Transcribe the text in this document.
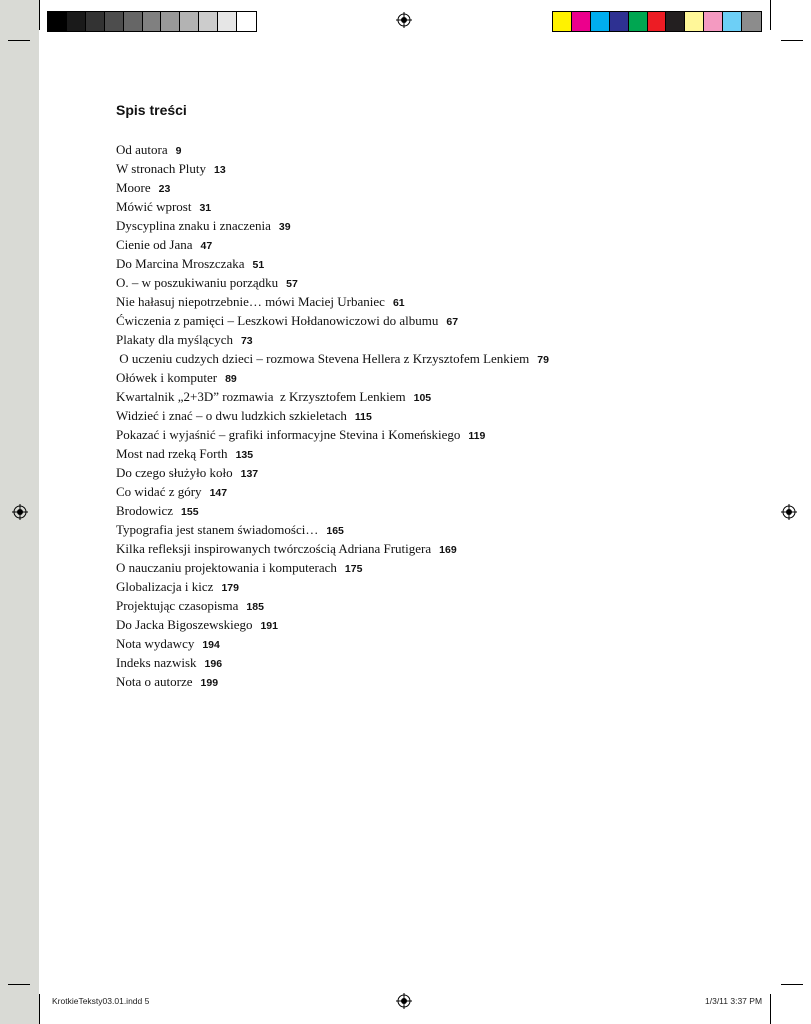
Spis treści
Od autora 9
W stronach Pluty 13
Moore 23
Mówić wprost 31
Dyscyplina znaku i znaczenia 39
Cienie od Jana 47
Do Marcina Mroszczaka 51
O. – w poszukiwaniu porządku 57
Nie hałasuj niepotrzebnie… mówi Maciej Urbaniec 61
Ćwiczenia z pamięci – Leszkowi Hołdanowiczowi do albumu 67
Plakaty dla myślących 73
O uczeniu cudzych dzieci – rozmowa Stevena Hellera z Krzysztofem Lenkiem 79
Ołówek i komputer 89
Kwartalnik „2+3D” rozmawia  z Krzysztofem Lenkiem 105
Widzieć i znać – o dwu ludzkich szkieletach 115
Pokazać i wyjaśnić – grafiki informacyjne Stevina i Komeńskiego 119
Most nad rzeką Forth 135
Do czego służyło koło 137
Co widać z góry 147
Brodowicz 155
Typografia jest stanem świadomości… 165
Kilka refleksji inspirowanych twórczością Adriana Frutigera 169
O nauczaniu projektowania i komputerach 175
Globalizacja i kicz 179
Projektując czasopisma 185
Do Jacka Bigoszewskiego 191
Nota wydawcy 194
Indeks nazwisk 196
Nota o autorze 199
KrotkieTeksty03.01.indd 5	1/3/11 3:37 PM
